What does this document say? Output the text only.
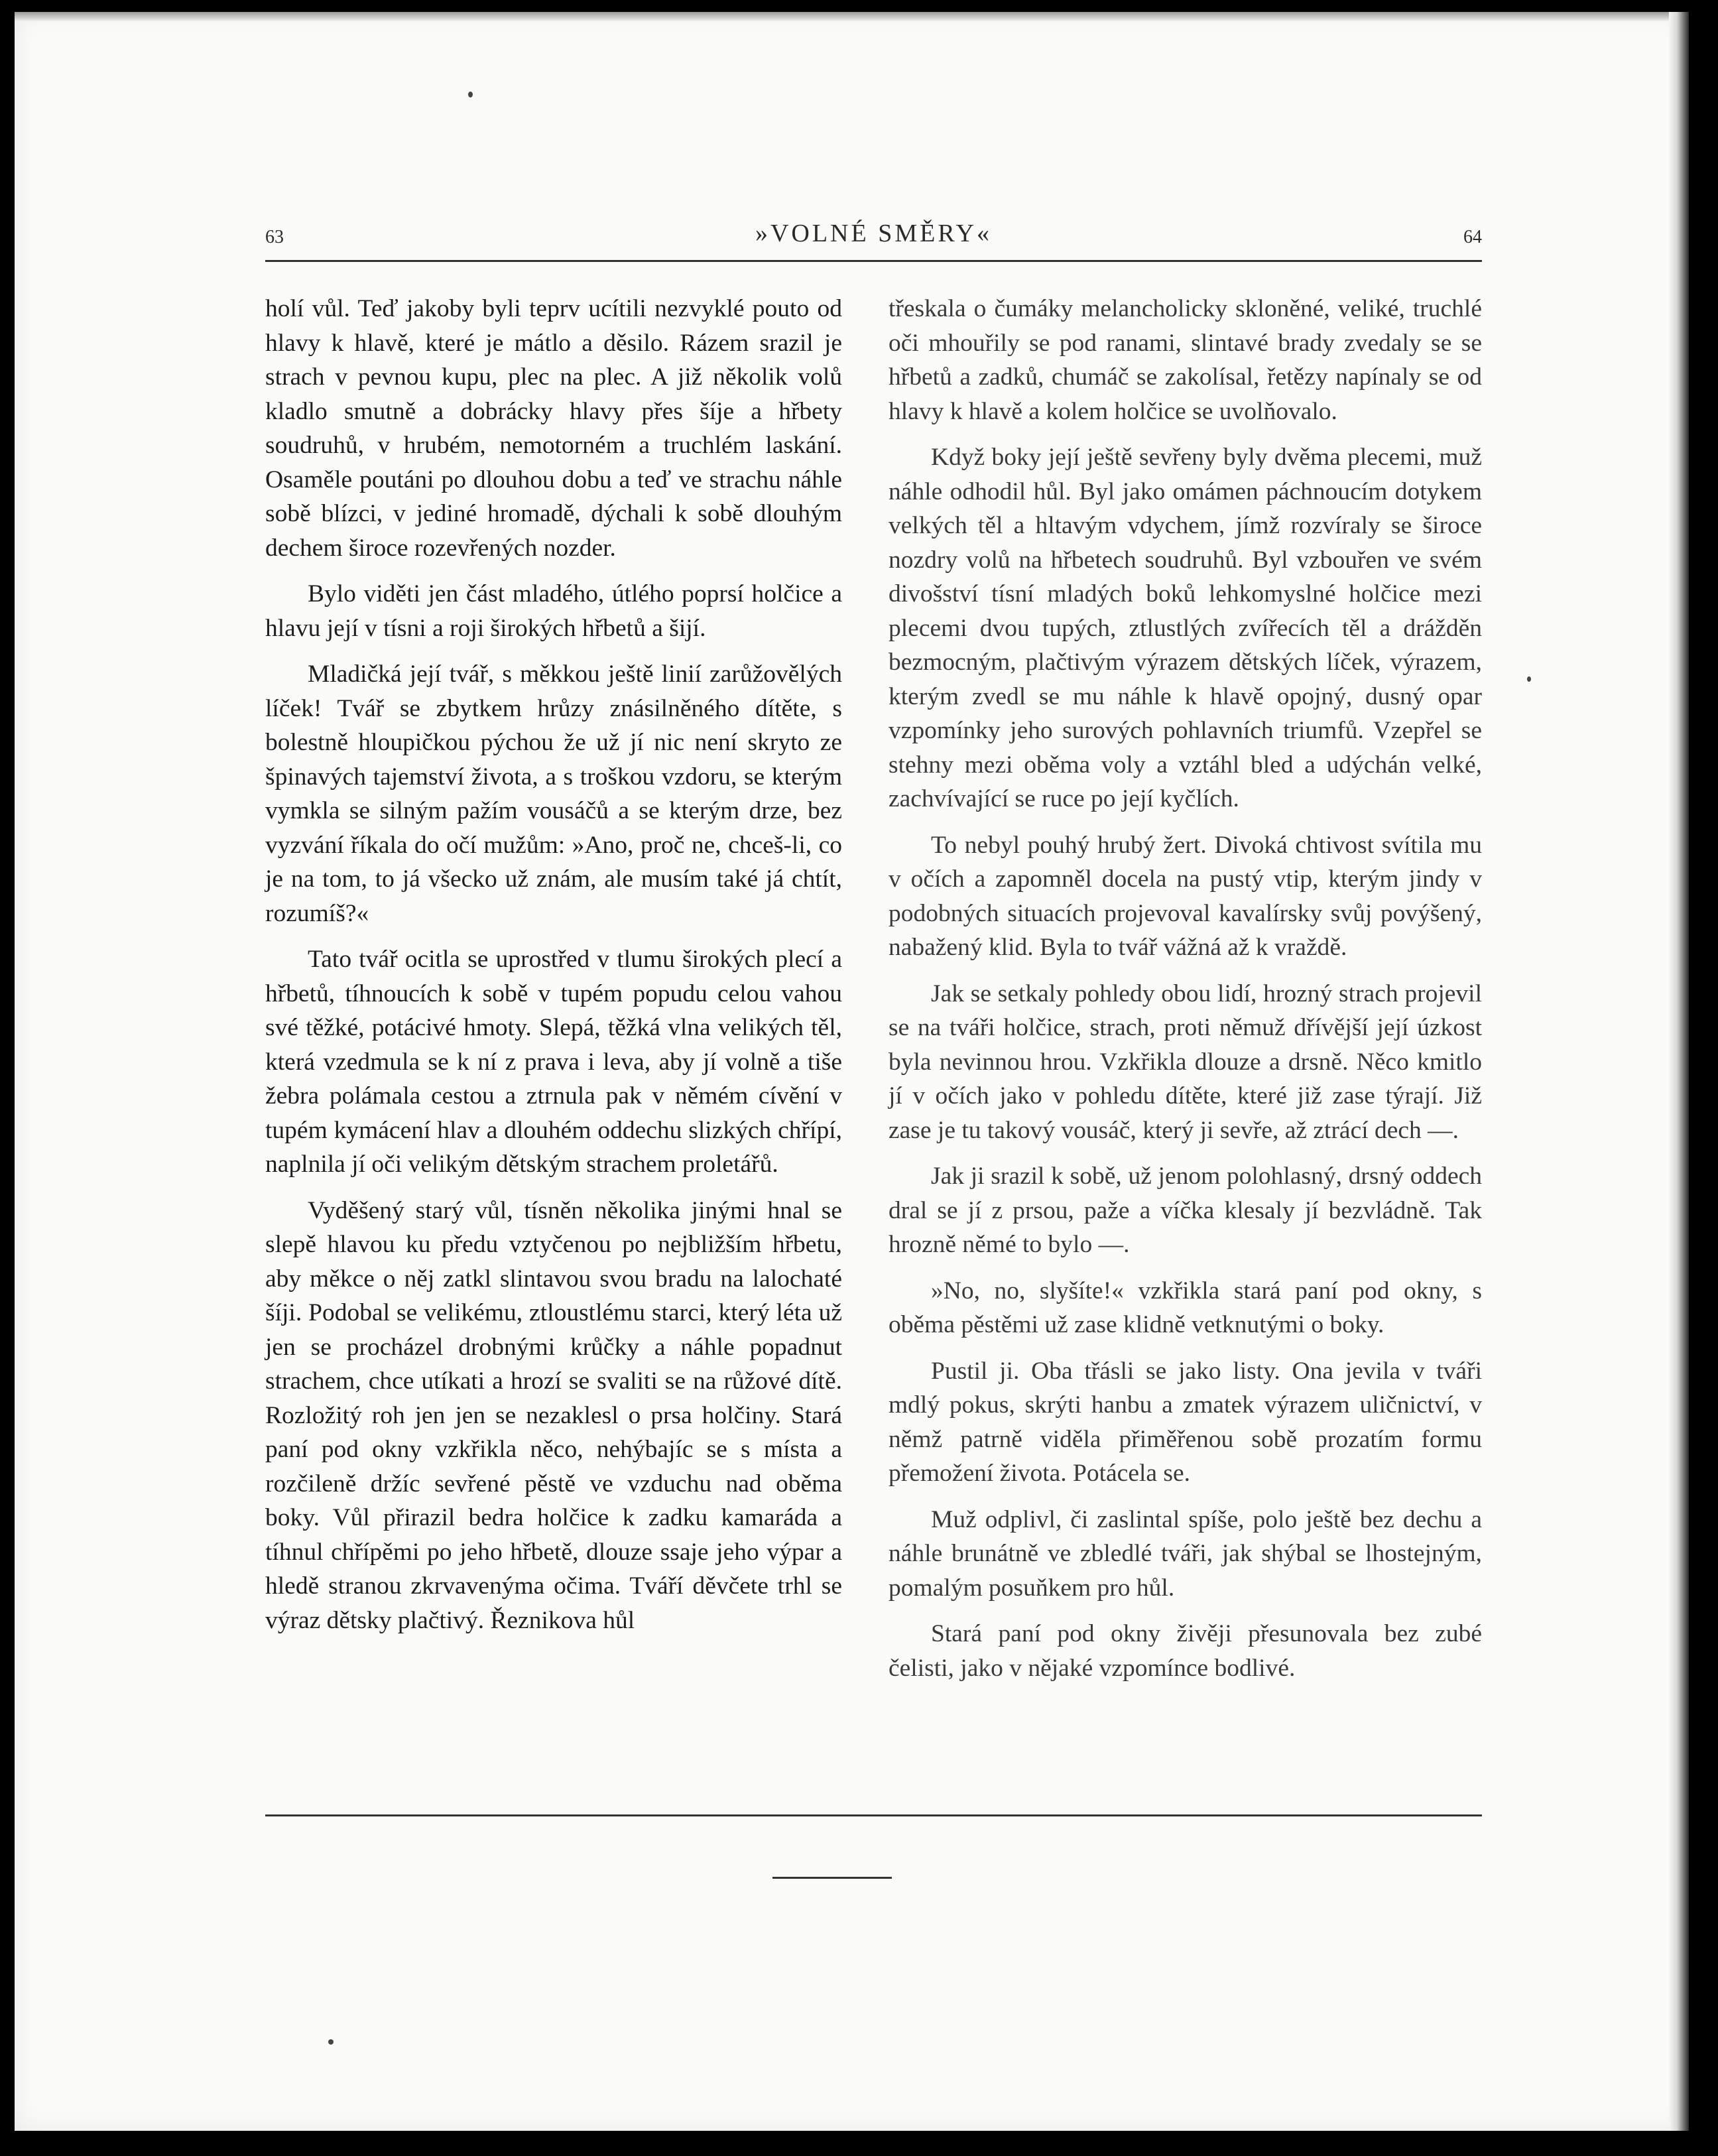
63	»VOLNÉ SMĚRY«	64

holí vůl. Teď jakoby byli teprv ucítili nezvyklé pouto od hlavy k hlavě, které je mátlo a děsilo. Rázem srazil je strach v pevnou kupu, plec na plec. A již několik volů kladlo smutně a dobrácky hlavy přes šíje a hřbety soudruhů, v hrubém, nemotorném a truchlém laskání. Osaměle poutáni po dlouhou dobu a teď ve strachu náhle sobě blízci, v jediné hromadě, dýchali k sobě dlouhým dechem široce rozevřených nozder.

Bylo viděti jen část mladého, útlého poprsí holčice a hlavu její v tísni a roji širokých hřbetů a šijí.

Mladičká její tvář, s měkkou ještě linií zarůžovělých líček! Tvář se zbytkem hrůzy znásilněného dítěte, s bolestně hloupičkou pýchou že už jí nic není skryto ze špinavých tajemství života, a s troškou vzdoru, se kterým vymkla se silným pažím vousáčů a se kterým drze, bez vyzvání říkala do očí mužům: »Ano, proč ne, chceš-li, co je na tom, to já všecko už znám, ale musím také já chtít, rozumíš?«

Tato tvář ocitla se uprostřed v tlumu širokých plecí a hřbetů, tíhnoucích k sobě v tupém popudu celou vahou své těžké, potácivé hmoty. Slepá, těžká vlna velikých těl, která vzedmula se k ní z prava i leva, aby jí volně a tiše žebra polámala cestou a ztrnula pak v němém cívění v tupém kymácení hlav a dlouhém oddechu slizkých chřípí, naplnila jí oči velikým dětským strachem proletářů.

Vyděšený starý vůl, tísněn několika jinými hnal se slepě hlavou ku předu vztyčenou po nejbližším hřbetu, aby měkce o něj zatkl slintavou svou bradu na lalochaté šíji. Podobal se velikému, ztloustlému starci, který léta už jen se procházel drobnými krůčky a náhle popadnut strachem, chce utíkati a hrozí se svaliti se na růžové dítě. Rozložitý roh jen jen se nezaklesl o prsa holčiny. Stará paní pod okny vzkřikla něco, nehýbajíc se s místa a rozčileně držíc sevřené pěstě ve vzduchu nad oběma boky. Vůl přirazil bedra holčice k zadku kamaráda a tíhnul chřípěmi po jeho hřbetě, dlouze ssaje jeho výpar a hledě stranou zkrvavenýma očima. Tváří děvčete trhl se výraz dětsky plačtivý. Řeznikova hůl

třeskala o čumáky melancholicky skloněné, veliké, truchlé oči mhouřily se pod ranami, slintavé brady zvedaly se se hřbetů a zadků, chumáč se zakolísal, řetězy napínaly se od hlavy k hlavě a kolem holčice se uvolňovalo.

Když boky její ještě sevřeny byly dvěma plecemi, muž náhle odhodil hůl. Byl jako omámen páchnoucím dotykem velkých těl a hltavým vdychem, jímž rozvíraly se široce nozdry volů na hřbetech soudruhů. Byl vzbouřen ve svém divošství tísní mladých boků lehkomyslné holčice mezi plecemi dvou tupých, ztlustlých zvířecích těl a drážděn bezmocným, plačtivým výrazem dětských líček, výrazem, kterým zvedl se mu náhle k hlavě opojný, dusný opar vzpomínky jeho surových pohlavních triumfů. Vzepřel se stehny mezi oběma voly a vztáhl bled a udýchán velké, zachvívající se ruce po její kyčlích.

To nebyl pouhý hrubý žert. Divoká chtivost svítila mu v očích a zapomněl docela na pustý vtip, kterým jindy v podobných situacích projevoval kavalírsky svůj povýšený, nabažený klid. Byla to tvář vážná až k vraždě.

Jak se setkaly pohledy obou lidí, hrozný strach projevil se na tváři holčice, strach, proti němuž dřívější její úzkost byla nevinnou hrou. Vzkřikla dlouze a drsně. Něco kmitlo jí v očích jako v pohledu dítěte, které již zase týrají. Již zase je tu takový vousáč, který ji sevře, až ztrácí dech —.

Jak ji srazil k sobě, už jenom polohlasný, drsný oddech dral se jí z prsou, paže a víčka klesaly jí bezvládně. Tak hrozně němé to bylo —.

»No, no, slyšíte!« vzkřikla stará paní pod okny, s oběma pěstěmi už zase klidně vetknutými o boky.

Pustil ji. Oba třásli se jako listy. Ona jevila v tváři mdlý pokus, skrýti hanbu a zmatek výrazem uličnictví, v němž patrně viděla přiměřenou sobě prozatím formu přemožení života. Potácela se.

Muž odplivl, či zaslintal spíše, polo ještě bez dechu a náhle brunátně ve zbledlé tváři, jak shýbal se lhostejným, pomalým posuňkem pro hůl.

Stará paní pod okny živěji přesunovala bez zubé čelisti, jako v nějaké vzpomínce bodlivé.
